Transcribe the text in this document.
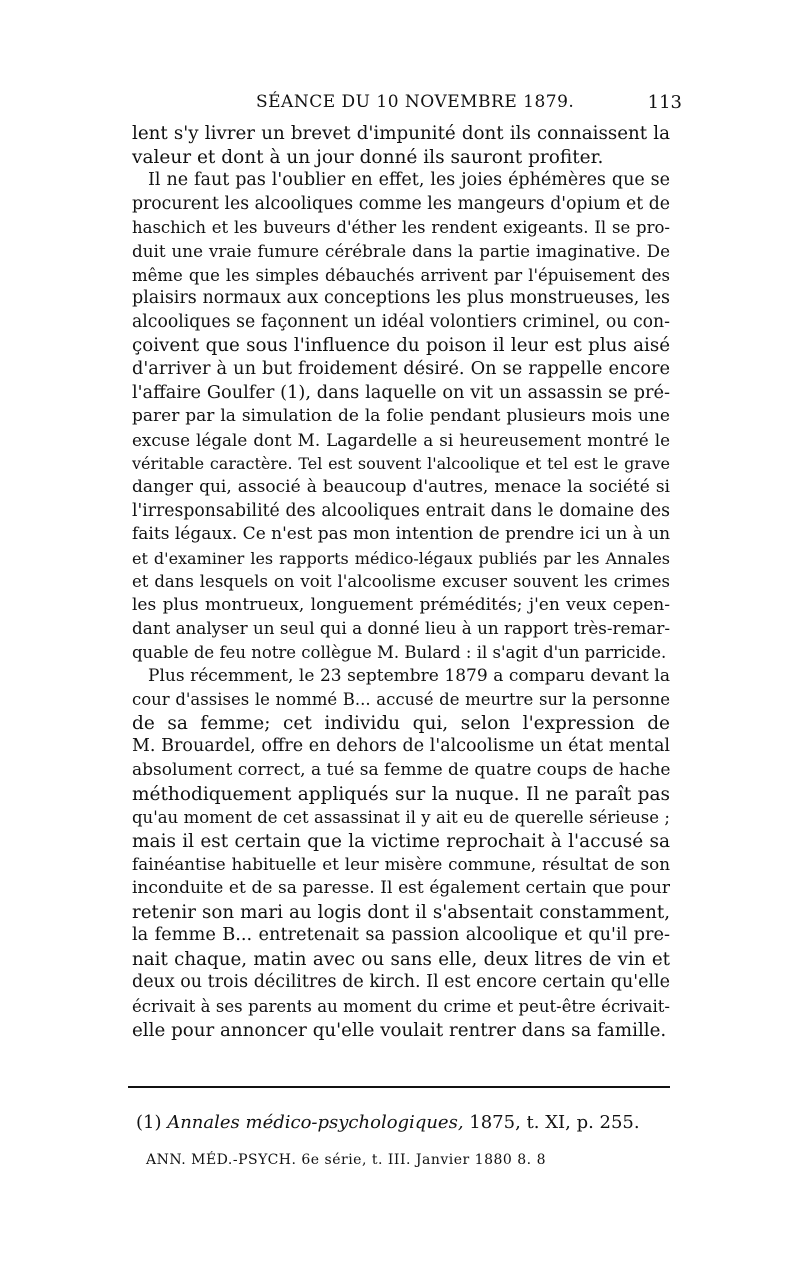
SÉANCE DU 10 NOVEMBRE 1879.	113
lent s'y livrer un brevet d'impunité dont ils connaissent la
valeur et dont à un jour donné ils sauront profiter.
Il ne faut pas l'oublier en effet, les joies éphémères que se
procurent les alcooliques comme les mangeurs d'opium et de
haschich et les buveurs d'éther les rendent exigeants. Il se pro-
duit une vraie fumure cérébrale dans la partie imaginative. De
même que les simples débauchés arrivent par l'épuisement des
plaisirs normaux aux conceptions les plus monstrueuses, les
alcooliques se façonnent un idéal volontiers criminel, ou con-
çoivent que sous l'influence du poison il leur est plus aisé
d'arriver à un but froidement désiré. On se rappelle encore
l'affaire Goulfer (1), dans laquelle on vit un assassin se pré-
parer par la simulation de la folie pendant plusieurs mois une
excuse légale dont M. Lagardelle a si heureusement montré le
véritable caractère. Tel est souvent l'alcoolique et tel est le grave
danger qui, associé à beaucoup d'autres, menace la société si
l'irresponsabilité des alcooliques entrait dans le domaine des
faits légaux. Ce n'est pas mon intention de prendre ici un à un
et d'examiner les rapports médico-légaux publiés par les Annales
et dans lesquels on voit l'alcoolisme excuser souvent les crimes
les plus montrueux, longuement prémédités; j'en veux cepen-
dant analyser un seul qui a donné lieu à un rapport très-remar-
quable de feu notre collègue M. Bulard : il s'agit d'un parricide.
Plus récemment, le 23 septembre 1879 a comparu devant la
cour d'assises le nommé B... accusé de meurtre sur la personne
de sa femme; cet individu qui, selon l'expression de
M. Brouardel, offre en dehors de l'alcoolisme un état mental
absolument correct, a tué sa femme de quatre coups de hache
méthodiquement appliqués sur la nuque. Il ne paraît pas
qu'au moment de cet assassinat il y ait eu de querelle sérieuse ;
mais il est certain que la victime reprochait à l'accusé sa
fainéantise habituelle et leur misère commune, résultat de son
inconduite et de sa paresse. Il est également certain que pour
retenir son mari au logis dont il s'absentait constamment,
la femme B... entretenait sa passion alcoolique et qu'il pre-
nait chaque, matin avec ou sans elle, deux litres de vin et
deux ou trois décilitres de kirch. Il est encore certain qu'elle
écrivait à ses parents au moment du crime et peut-être écrivait-
elle pour annoncer qu'elle voulait rentrer dans sa famille.
(1) Annales médico-psychologiques, 1875, t. XI, p. 255.
ANN. MÉD.-PSYCH. 6e série, t. III. Janvier 1880 8. 8
